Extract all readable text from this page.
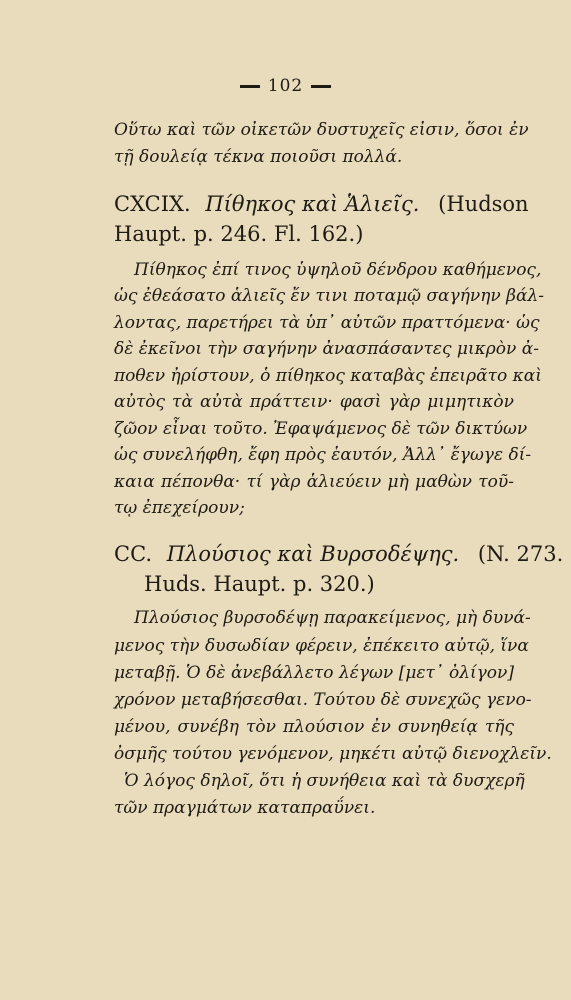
102
Οὕτω καὶ τῶν οἰκετῶν δυστυχεῖς εἰσιν, ὅσοι ἐν
τῇ δουλείᾳ τέκνα ποιοῦσι πολλά.
CXCIX. Πίθηκος καὶ Ἁλιεῖς. (Hudson
Haupt. p. 246. Fl. 162.)
Πίθηκος ἐπί τινος ὑψηλοῦ δένδρου καθήμενος,
ὡς ἐθεάσατο ἁλιεῖς ἔν τινι ποταμῷ σαγήνην βάλ-
λοντας, παρετήρει τὰ ὑπ᾿ αὐτῶν πραττόμενα· ὡς
δὲ ἐκεῖνοι τὴν σαγήνην ἀνασπάσαντες μικρὸν ἀ-
ποθεν ἠρίστουν, ὁ πίθηκος καταβὰς ἐπειρᾶτο καὶ
αὐτὸς τὰ αὐτὰ πράττειν· φασὶ γὰρ μιμητικὸν
ζῶον εἶναι τοῦτο. Ἐφαψάμενος δὲ τῶν δικτύων
ὡς συνελήφθη, ἔφη πρὸς ἑαυτόν, Ἀλλ᾿ ἔγωγε δί-
καια πέπονθα· τί γὰρ ἁλιεύειν μὴ μαθὼν τοῦ-
τῳ ἐπεχείρουν;
CC. Πλούσιος καὶ Βυρσοδέψης. (N. 273.
Huds. Haupt. p. 320.)
Πλούσιος βυρσοδέψῃ παρακείμενος, μὴ δυνά-
μενος τὴν δυσωδίαν φέρειν, ἐπέκειτο αὐτῷ, ἵνα
μεταβῇ. Ὁ δὲ ἀνεβάλλετο λέγων [μετ᾿ ὀλίγον]
χρόνον μεταβήσεσθαι. Τούτου δὲ συνεχῶς γενο-
μένου, συνέβη τὸν πλούσιον ἐν συνηθείᾳ τῆς
ὀσμῆς τούτου γενόμενον, μηκέτι αὐτῷ διενοχλεῖν.
Ὁ λόγος δηλοῖ, ὅτι ἡ συνήθεια καὶ τὰ δυσχερῆ
τῶν πραγμάτων καταπραΰνει.
